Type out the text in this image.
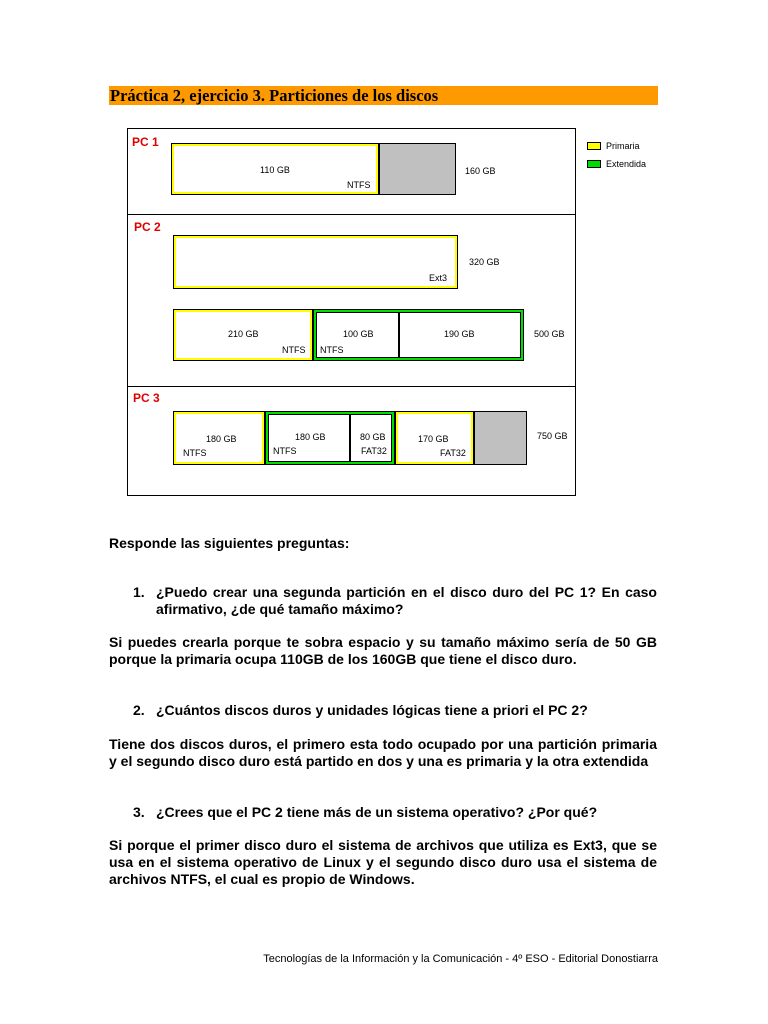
Práctica 2, ejercicio 3. Particiones de los discos
PC 1
110 GB
NTFS
160 GB
PC 2
Ext3
320 GB
210 GB
NTFS
100 GB
NTFS
190 GB	500 GB
PC 3
180 GB
NTFS
180 GB
NTFS
80 GB
FAT32
170 GB
FAT32
750 GB
Primaria
Extendida
Responde las siguientes preguntas:
1. ¿Puedo crear una segunda partición en el disco duro del PC 1? En caso afirmativo, ¿de qué tamaño máximo?
Si puedes crearla porque te sobra espacio y su tamaño máximo sería de 50 GB porque la primaria ocupa 110GB de los 160GB que tiene el disco duro.
2. ¿Cuántos discos duros y unidades lógicas tiene a priori el PC 2?
Tiene dos discos duros, el primero esta todo ocupado por una partición primaria y el segundo disco duro está partido en dos y una es primaria y la otra extendida
3. ¿Crees que el PC 2 tiene más de un sistema operativo? ¿Por qué?
Si porque el primer disco duro el sistema de archivos que utiliza es Ext3, que se usa en el sistema operativo de Linux y el segundo disco duro usa el sistema de archivos NTFS, el cual es propio de Windows.
Tecnologías de la Información y la Comunicación - 4º ESO - Editorial Donostiarra
